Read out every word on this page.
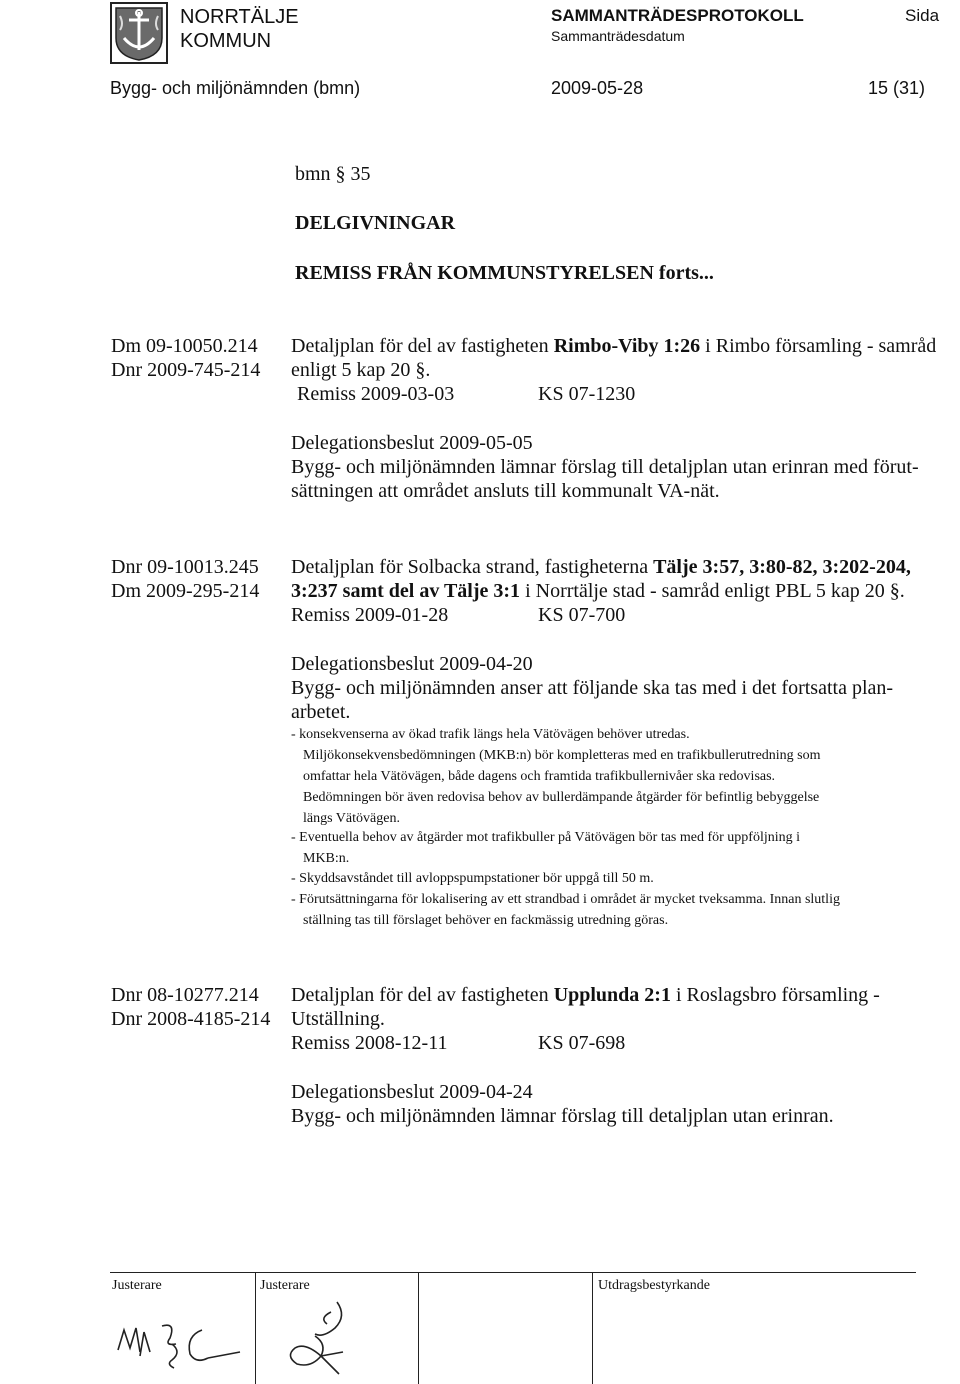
NORRTÄLJE
KOMMUN
SAMMANTRÄDESPROTOKOLL
Sammanträdesdatum
Sida
Bygg- och miljönämnden (bmn)	2009-05-28	15 (31)
bmn § 35
DELGIVNINGAR
REMISS FRÅN KOMMUNSTYRELSEN forts...
Dm 09-10050.214
Dnr 2009-745-214
Detaljplan för del av fastigheten Rimbo-Viby 1:26 i Rimbo församling - samråd
enligt 5 kap 20 §.
Remiss 2009-03-03	KS 07-1230
Delegationsbeslut 2009-05-05
Bygg- och miljönämnden lämnar förslag till detaljplan utan erinran med förut-
sättningen att området ansluts till kommunalt VA-nät.
Dnr 09-10013.245
Dm 2009-295-214
Detaljplan för Solbacka strand, fastigheterna Tälje 3:57, 3:80-82, 3:202-204,
3:237 samt del av Tälje 3:1 i Norrtälje stad - samråd enligt PBL 5 kap 20 §.
Remiss 2009-01-28	KS 07-700
Delegationsbeslut 2009-04-20
Bygg- och miljönämnden anser att följande ska tas med i det fortsatta plan-
arbetet.
- konsekvenserna av ökad trafik längs hela Vätövägen behöver utredas.
Miljökonsekvensbedömningen (MKB:n) bör kompletteras med en trafikbullerutredning som
omfattar hela Vätövägen, både dagens och framtida trafikbullernivåer ska redovisas.
Bedömningen bör även redovisa behov av bullerdämpande åtgärder för befintlig bebyggelse
längs Vätövägen.
- Eventuella behov av åtgärder mot trafikbuller på Vätövägen bör tas med för uppföljning i
MKB:n.
- Skyddsavståndet till avloppspumpstationer bör uppgå till 50 m.
- Förutsättningarna för lokalisering av ett strandbad i området är mycket tveksamma. Innan slutlig
ställning tas till förslaget behöver en fackmässig utredning göras.
Dnr 08-10277.214
Dnr 2008-4185-214
Detaljplan för del av fastigheten Upplunda 2:1 i Roslagsbro församling -
Utställning.
Remiss 2008-12-11	KS 07-698
Delegationsbeslut 2009-04-24
Bygg- och miljönämnden lämnar förslag till detaljplan utan erinran.
Justerare	Justerare	Utdragsbestyrkande
